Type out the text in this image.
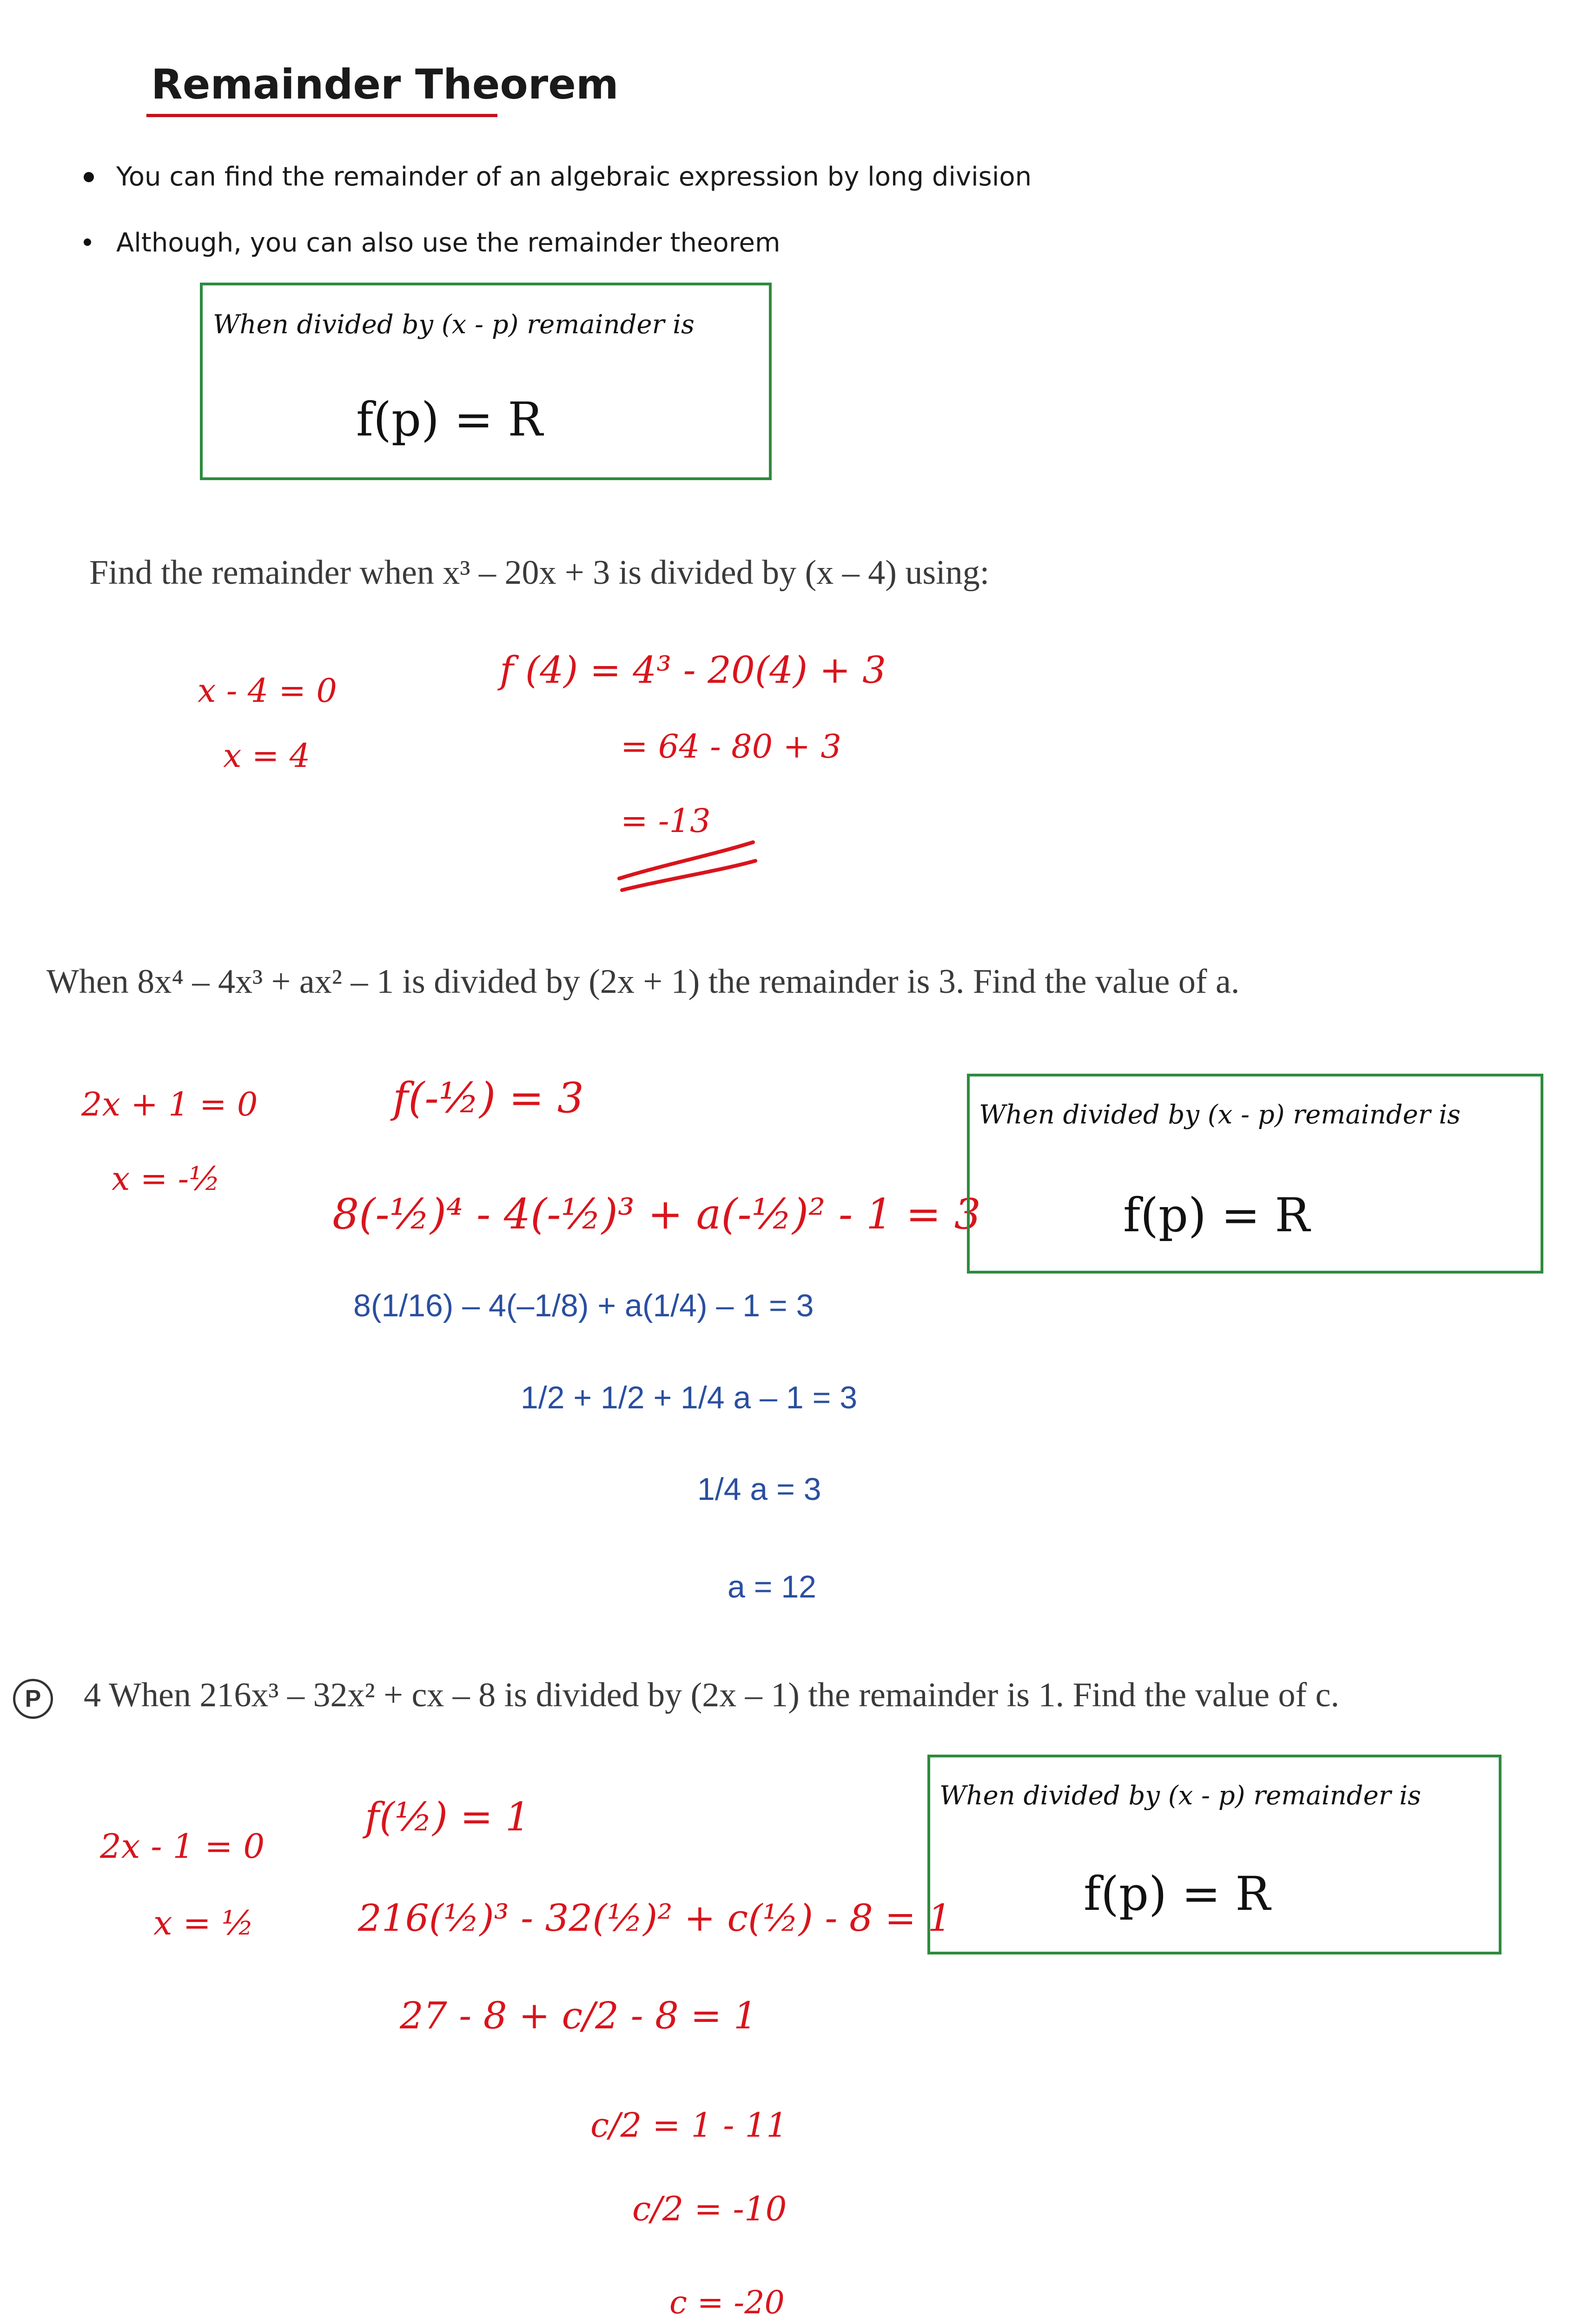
Remainder Theorem
You can find the remainder of an algebraic expression by long division
Although, you can also use the remainder theorem
When divided by (x - p) remainder is
f(p) = R
Find the remainder when x³ – 20x + 3 is divided by (x – 4) using:
x - 4 = 0
x = 4
f (4) = 4³ - 20(4) + 3
= 64 - 80 + 3
= -13
When 8x⁴ – 4x³ + ax² – 1 is divided by (2x + 1) the remainder is 3. Find the value of a.
2x + 1 = 0
x = -½
f(-½) = 3
8(-½)⁴ - 4(-½)³ + a(-½)² - 1 = 3
8(1/16) – 4(–1/8) + a(1/4) – 1 = 3
1/2 + 1/2 + 1/4 a – 1 = 3
1/4 a = 3
a = 12
When divided by (x - p) remainder is
f(p) = R
P	4 When 216x³ – 32x² + cx – 8 is divided by (2x – 1) the remainder is 1. Find the value of c.
2x - 1 = 0
x = ½
f(½) = 1
216(½)³ - 32(½)² + c(½) - 8 = 1
27 - 8 + c/2 - 8 = 1
c/2 = 1 - 11
c/2 = -10
c = -20
When divided by (x - p) remainder is
f(p) = R
